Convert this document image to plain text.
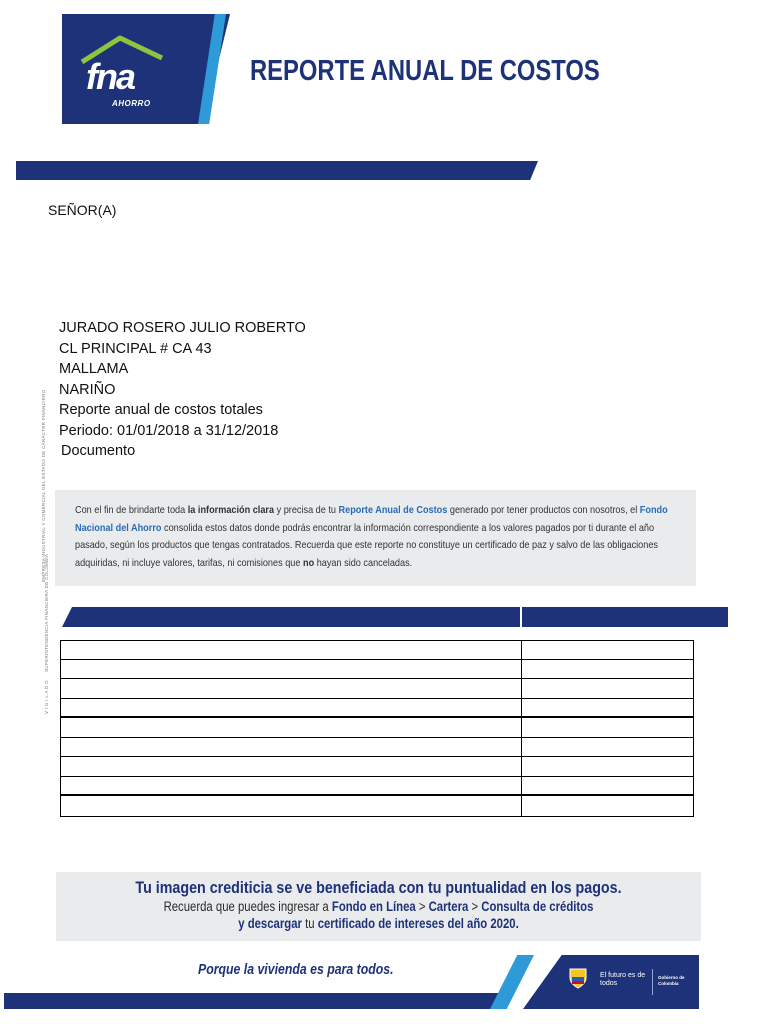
fna
AHORRO
REPORTE ANUAL DE COSTOS
SEÑOR(A)
JURADO ROSERO JULIO ROBERTO
CL PRINCIPAL # CA 43
MALLAMA
NARIÑO
Reporte anual de costos totales
Periodo: 01/01/2018 a 31/12/2018
Documento
EMPRESA INDUSTRIAL Y COMERCIAL DEL ESTADO DE CARÁCTER FINANCIERO
SUPERINTENDENCIA FINANCIERA DE COLOMBIA
V I G I L A D O

Con el fin de brindarte toda la información clara y precisa de tu Reporte Anual de Costos generado por tener productos con nosotros, el Fondo Nacional del Ahorro consolida estos datos donde podrás encontrar la información correspondiente a los valores pagados por ti durante el año pasado, según los productos que tengas contratados. Recuerda que este reporte no constituye un certificado de paz y salvo de las obligaciones adquiridas, ni incluye valores, tarifas, ni comisiones que no hayan sido canceladas.

Tu imagen crediticia se ve beneficiada con tu puntualidad en los pagos.
Recuerda que puedes ingresar a Fondo en Línea > Cartera > Consulta de créditos
y descargar tu certificado de intereses del año 2020.
Porque la vivienda es para todos.	El futuro es de todos
Gobierno de Colombia
